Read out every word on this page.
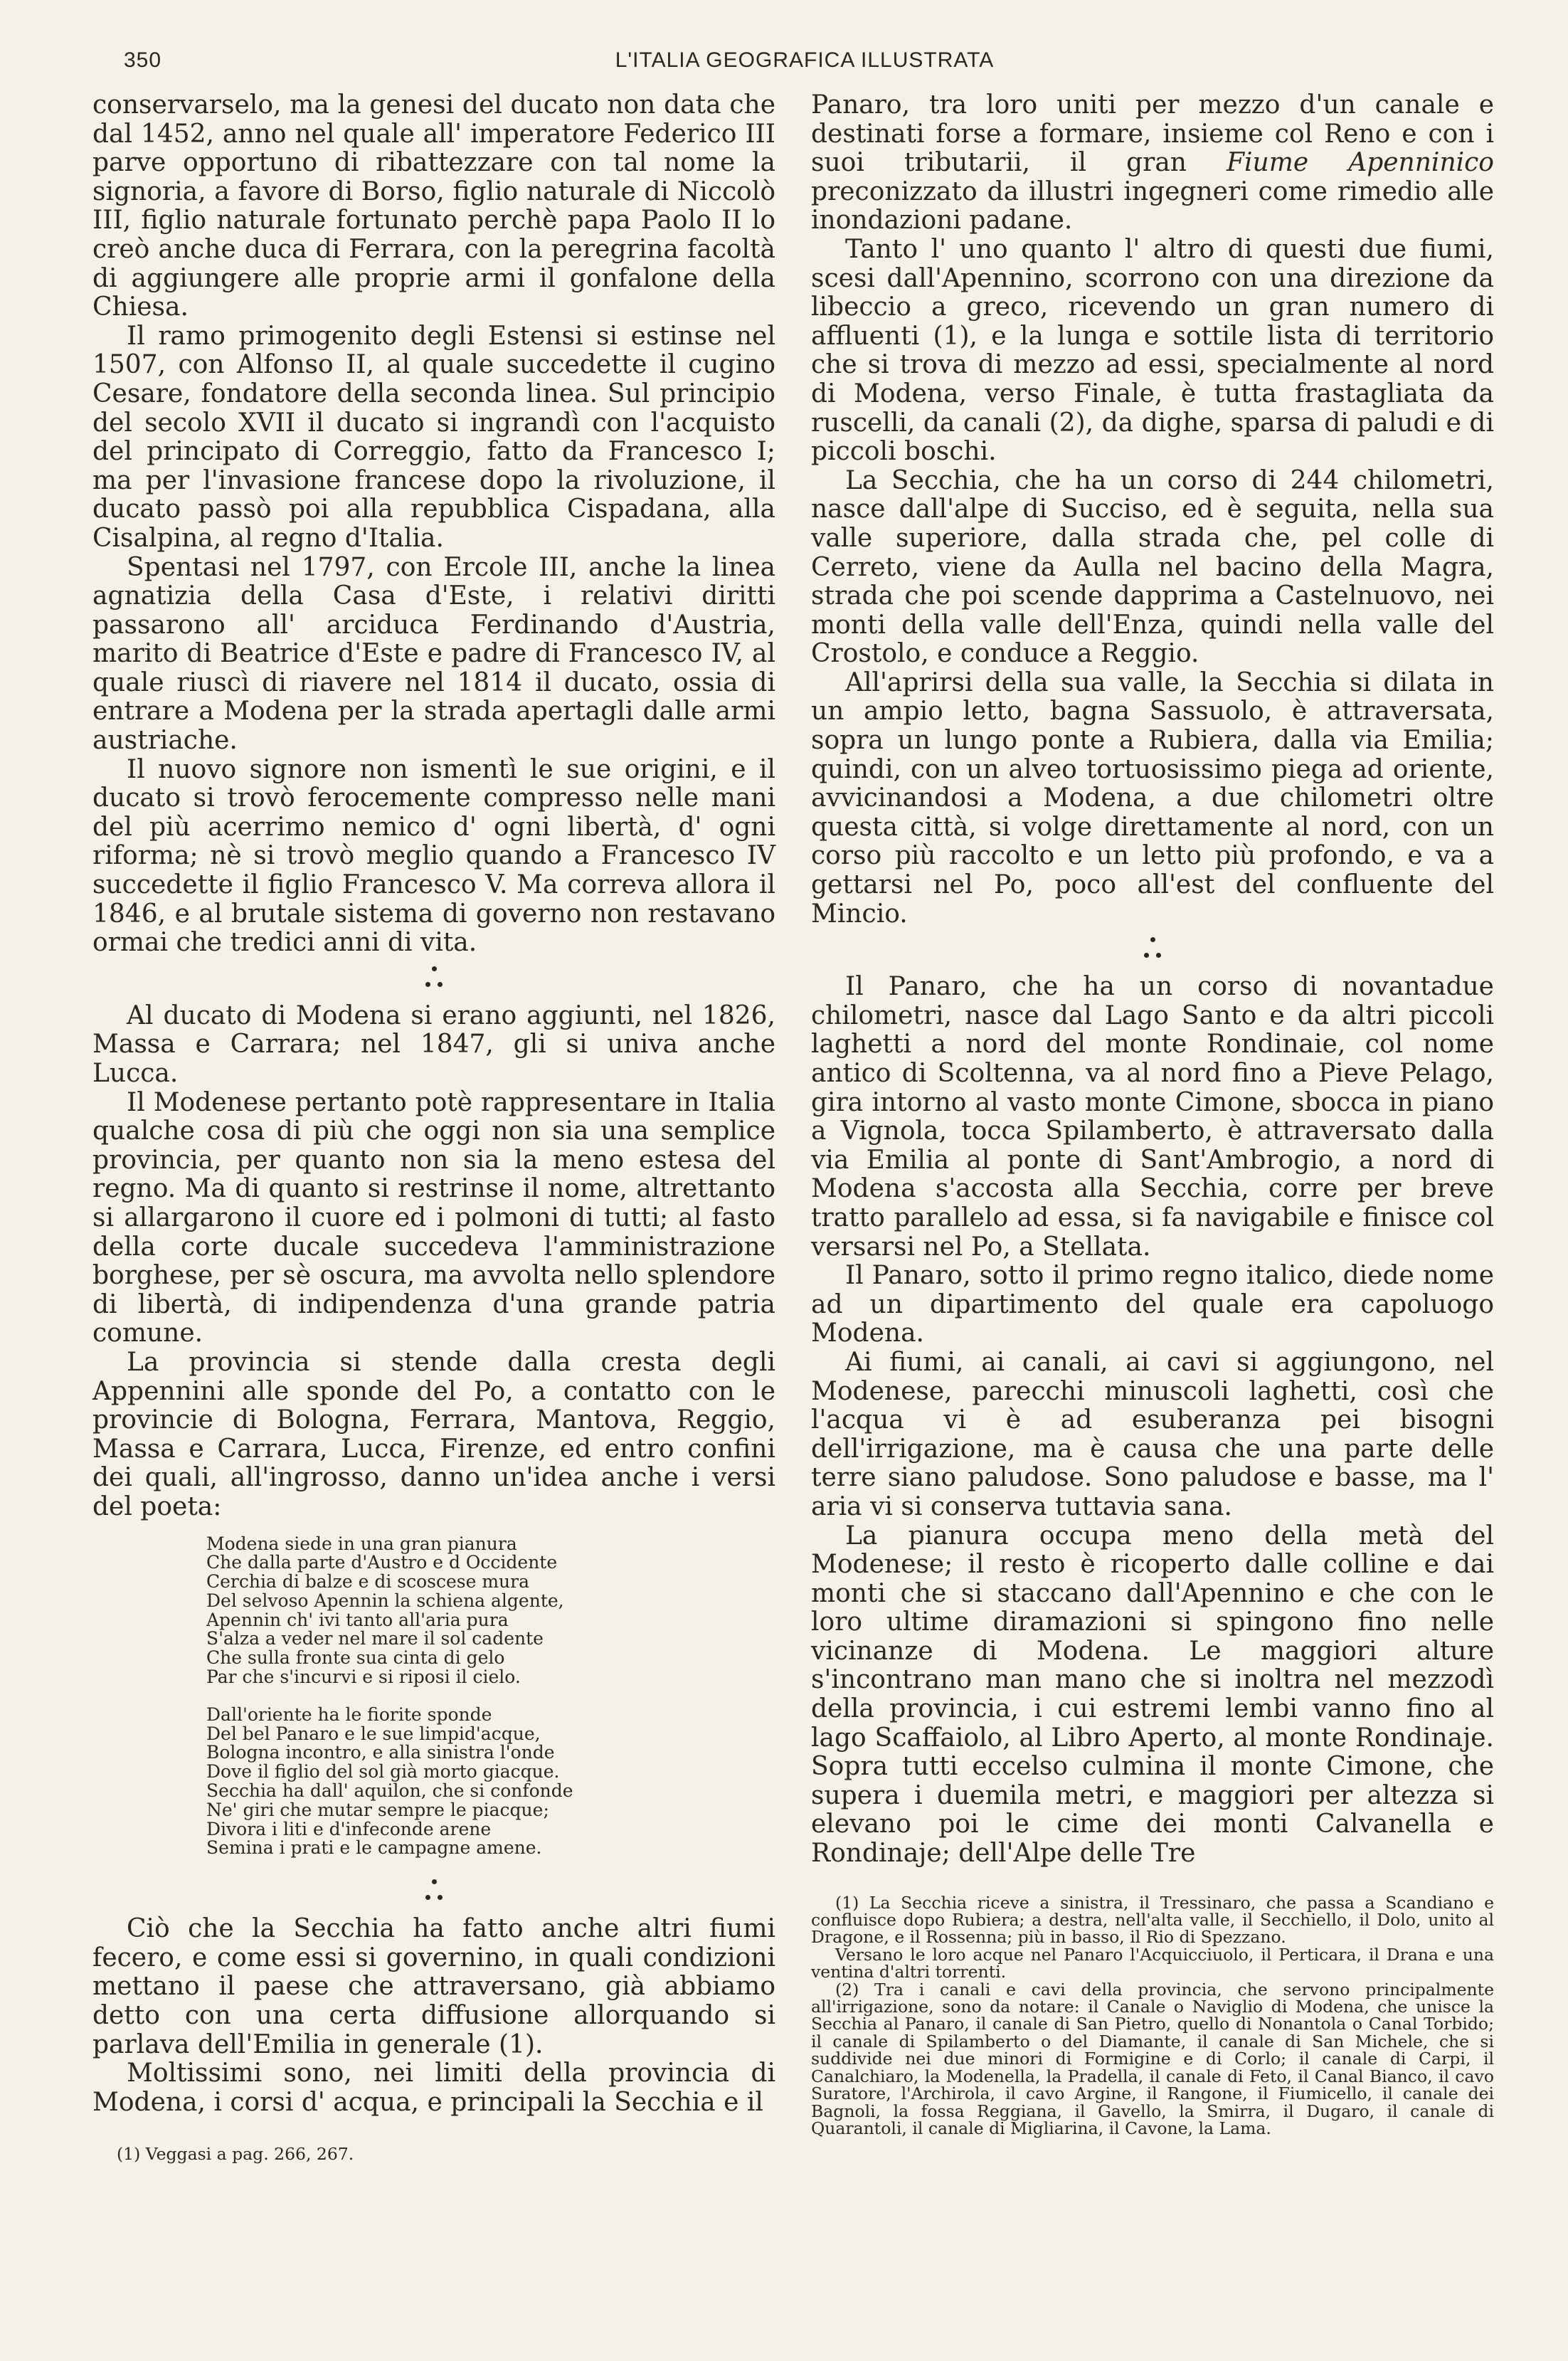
350	L'ITALIA GEOGRAFICA ILLUSTRATA

conservarselo, ma la genesi del ducato non data che dal 1452, anno nel quale all' imperatore Federico III parve opportuno di ribattezzare con tal nome la signoria, a favore di Borso, figlio naturale di Niccolò III, figlio naturale fortunato perchè papa Paolo II lo creò anche duca di Ferrara, con la peregrina facoltà di aggiungere alle proprie armi il gonfalone della Chiesa.

Il ramo primogenito degli Estensi si estinse nel 1507, con Alfonso II, al quale succedette il cugino Cesare, fondatore della seconda linea. Sul principio del secolo XVII il ducato si ingrandì con l'acquisto del principato di Correggio, fatto da Francesco I; ma per l'invasione francese dopo la rivoluzione, il ducato passò poi alla repubblica Cispadana, alla Cisalpina, al regno d'Italia.

Spentasi nel 1797, con Ercole III, anche la linea agnatizia della Casa d'Este, i relativi diritti passarono all' arciduca Ferdinando d'Austria, marito di Beatrice d'Este e padre di Francesco IV, al quale riuscì di riavere nel 1814 il ducato, ossia di entrare a Modena per la strada apertagli dalle armi austriache.

Il nuovo signore non ismentì le sue origini, e il ducato si trovò ferocemente compresso nelle mani del più acerrimo nemico d' ogni libertà, d' ogni riforma; nè si trovò meglio quando a Francesco IV succedette il figlio Francesco V. Ma correva allora il 1846, e al brutale sistema di governo non restavano ormai che tredici anni di vita.

Al ducato di Modena si erano aggiunti, nel 1826, Massa e Carrara; nel 1847, gli si univa anche Lucca.

Il Modenese pertanto potè rappresentare in Italia qualche cosa di più che oggi non sia una semplice provincia, per quanto non sia la meno estesa del regno. Ma di quanto si restrinse il nome, altrettanto si allargarono il cuore ed i polmoni di tutti; al fasto della corte ducale succedeva l'amministrazione borghese, per sè oscura, ma avvolta nello splendore di libertà, di indipendenza d'una grande patria comune.

La provincia si stende dalla cresta degli Appennini alle sponde del Po, a contatto con le provincie di Bologna, Ferrara, Mantova, Reggio, Massa e Carrara, Lucca, Firenze, ed entro confini dei quali, all'ingrosso, danno un'idea anche i versi del poeta:

Modena siede in una gran pianura
Che dalla parte d'Austro e d Occidente
Cerchia di balze e di scoscese mura
Del selvoso Apennin la schiena algente,
Apennin ch' ivi tanto all'aria pura
S'alza a veder nel mare il sol cadente
Che sulla fronte sua cinta di gelo
Par che s'incurvi e si riposi il cielo.
Dall'oriente ha le fiorite sponde
Del bel Panaro e le sue limpid'acque,
Bologna incontro, e alla sinistra l'onde
Dove il figlio del sol già morto giacque.
Secchia ha dall' aquilon, che si confonde
Ne' giri che mutar sempre le piacque;
Divora i liti e d'infeconde arene
Semina i prati e le campagne amene.

Ciò che la Secchia ha fatto anche altri fiumi fecero, e come essi si governino, in quali condizioni mettano il paese che attraversano, già abbiamo detto con una certa diffusione allorquando si parlava dell'Emilia in generale (1).

Moltissimi sono, nei limiti della provincia di Modena, i corsi d' acqua, e principali la Secchia e il

(1) Veggasi a pag. 266, 267.

Panaro, tra loro uniti per mezzo d'un canale e destinati forse a formare, insieme col Reno e con i suoi tributarii, il gran Fiume Apenninico preconizzato da illustri ingegneri come rimedio alle inondazioni padane.

Tanto l' uno quanto l' altro di questi due fiumi, scesi dall'Apennino, scorrono con una direzione da libeccio a greco, ricevendo un gran numero di affluenti (1), e la lunga e sottile lista di territorio che si trova di mezzo ad essi, specialmente al nord di Modena, verso Finale, è tutta frastagliata da ruscelli, da canali (2), da dighe, sparsa di paludi e di piccoli boschi.

La Secchia, che ha un corso di 244 chilometri, nasce dall'alpe di Succiso, ed è seguita, nella sua valle superiore, dalla strada che, pel colle di Cerreto, viene da Aulla nel bacino della Magra, strada che poi scende dapprima a Castelnuovo, nei monti della valle dell'Enza, quindi nella valle del Crostolo, e conduce a Reggio.

All'aprirsi della sua valle, la Secchia si dilata in un ampio letto, bagna Sassuolo, è attraversata, sopra un lungo ponte a Rubiera, dalla via Emilia; quindi, con un alveo tortuosissimo piega ad oriente, avvicinandosi a Modena, a due chilometri oltre questa città, si volge direttamente al nord, con un corso più raccolto e un letto più profondo, e va a gettarsi nel Po, poco all'est del confluente del Mincio.

Il Panaro, che ha un corso di novantadue chilometri, nasce dal Lago Santo e da altri piccoli laghetti a nord del monte Rondinaie, col nome antico di Scoltenna, va al nord fino a Pieve Pelago, gira intorno al vasto monte Cimone, sbocca in piano a Vignola, tocca Spilamberto, è attraversato dalla via Emilia al ponte di Sant'Ambrogio, a nord di Modena s'accosta alla Secchia, corre per breve tratto parallelo ad essa, si fa navigabile e finisce col versarsi nel Po, a Stellata.

Il Panaro, sotto il primo regno italico, diede nome ad un dipartimento del quale era capoluogo Modena.

Ai fiumi, ai canali, ai cavi si aggiungono, nel Modenese, parecchi minuscoli laghetti, così che l'acqua vi è ad esuberanza pei bisogni dell'irrigazione, ma è causa che una parte delle terre siano paludose. Sono paludose e basse, ma l' aria vi si conserva tuttavia sana.

La pianura occupa meno della metà del Modenese; il resto è ricoperto dalle colline e dai monti che si staccano dall'Apennino e che con le loro ultime diramazioni si spingono fino nelle vicinanze di Modena. Le maggiori alture s'incontrano man mano che si inoltra nel mezzodì della provincia, i cui estremi lembi vanno fino al lago Scaffaiolo, al Libro Aperto, al monte Rondinaje. Sopra tutti eccelso culmina il monte Cimone, che supera i duemila metri, e maggiori per altezza si elevano poi le cime dei monti Calvanella e Rondinaje; dell'Alpe delle Tre

(1) La Secchia riceve a sinistra, il Tressinaro, che passa a Scandiano e confluisce dopo Rubiera; a destra, nell'alta valle, il Secchiello, il Dolo, unito al Dragone, e il Rossenna; più in basso, il Rio di Spezzano.

Versano le loro acque nel Panaro l'Acquicciuolo, il Perticara, il Drana e una ventina d'altri torrenti.

(2) Tra i canali e cavi della provincia, che servono principalmente all'irrigazione, sono da notare: il Canale o Naviglio di Modena, che unisce la Secchia al Panaro, il canale di San Pietro, quello di Nonantola o Canal Torbido; il canale di Spilamberto o del Diamante, il canale di San Michele, che si suddivide nei due minori di Formigine e di Corlo; il canale di Carpi, il Canalchiaro, la Modenella, la Pradella, il canale di Feto, il Canal Bianco, il cavo Suratore, l'Archirola, il cavo Argine, il Rangone, il Fiumicello, il canale dei Bagnoli, la fossa Reggiana, il Gavello, la Smirra, il Dugaro, il canale di Quarantoli, il canale di Migliarina, il Cavone, la Lama.
